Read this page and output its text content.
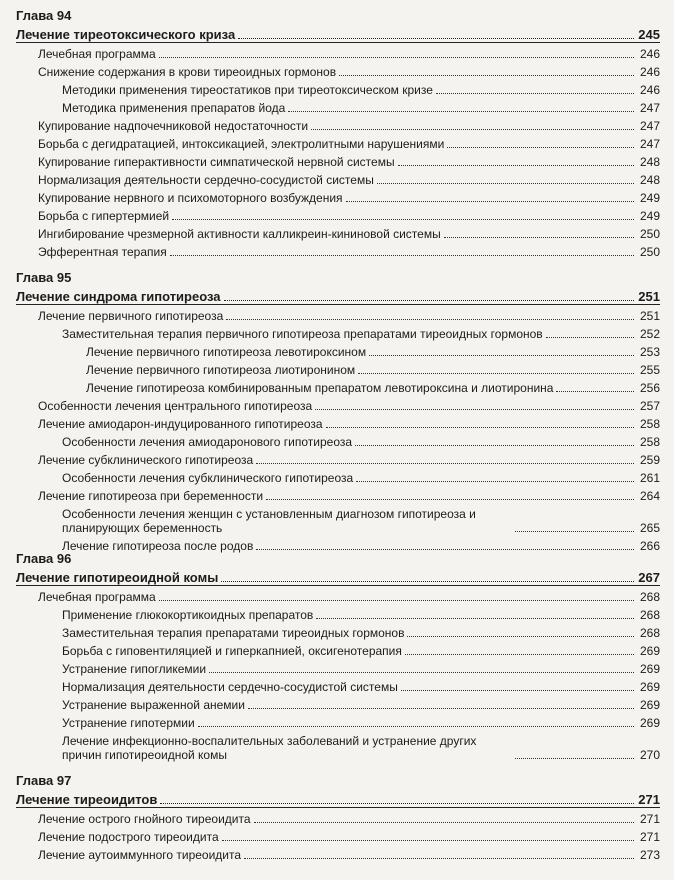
Глава 94
Лечение тиреотоксического криза	245
Лечебная программа	246
Снижение содержания в крови тиреоидных гормонов	246
Методики применения тиреостатиков при тиреотоксическом кризе	246
Методика применения препаратов йода	247
Купирование надпочечниковой недостаточности	247
Борьба с дегидратацией, интоксикацией, электролитными нарушениями	247
Купирование гиперактивности симпатической нервной системы	248
Нормализация деятельности сердечно-сосудистой системы	248
Купирование нервного и психомоторного возбуждения	249
Борьба с гипертермией	249
Ингибирование чрезмерной активности калликреин-кининовой системы	250
Эфферентная терапия	250
Глава 95
Лечение синдрома гипотиреоза	251
Лечение первичного гипотиреоза	251
Заместительная терапия первичного гипотиреоза препаратами тиреоидных гормонов	252
Лечение первичного гипотиреоза левотироксином	253
Лечение первичного гипотиреоза лиотиронином	255
Лечение гипотиреоза комбинированным препаратом левотироксина и лиотиронина	256
Особенности лечения центрального гипотиреоза	257
Лечение амиодарон-индуцированного гипотиреоза	258
Особенности лечения амиодаронового гипотиреоза	258
Лечение субклинического гипотиреоза	259
Особенности лечения субклинического гипотиреоза	261
Лечение гипотиреоза при беременности	264
Особенности лечения женщин с установленным диагнозом гипотиреоза и планирующих беременность	265
Лечение гипотиреоза после родов	266
Глава 96
Лечение гипотиреоидной комы	267
Лечебная программа	268
Применение глюкокортикоидных препаратов	268
Заместительная терапия препаратами тиреоидных гормонов	268
Борьба с гиповентиляцией и гиперкапнией, оксигенотерапия	269
Устранение гипогликемии	269
Нормализация деятельности сердечно-сосудистой системы	269
Устранение выраженной анемии	269
Устранение гипотермии	269
Лечение инфекционно-воспалительных заболеваний и устранение других причин гипотиреоидной комы	270
Глава 97
Лечение тиреоидитов	271
Лечение острого гнойного тиреоидита	271
Лечение подострого тиреоидита	271
Лечение аутоиммунного тиреоидита	273
